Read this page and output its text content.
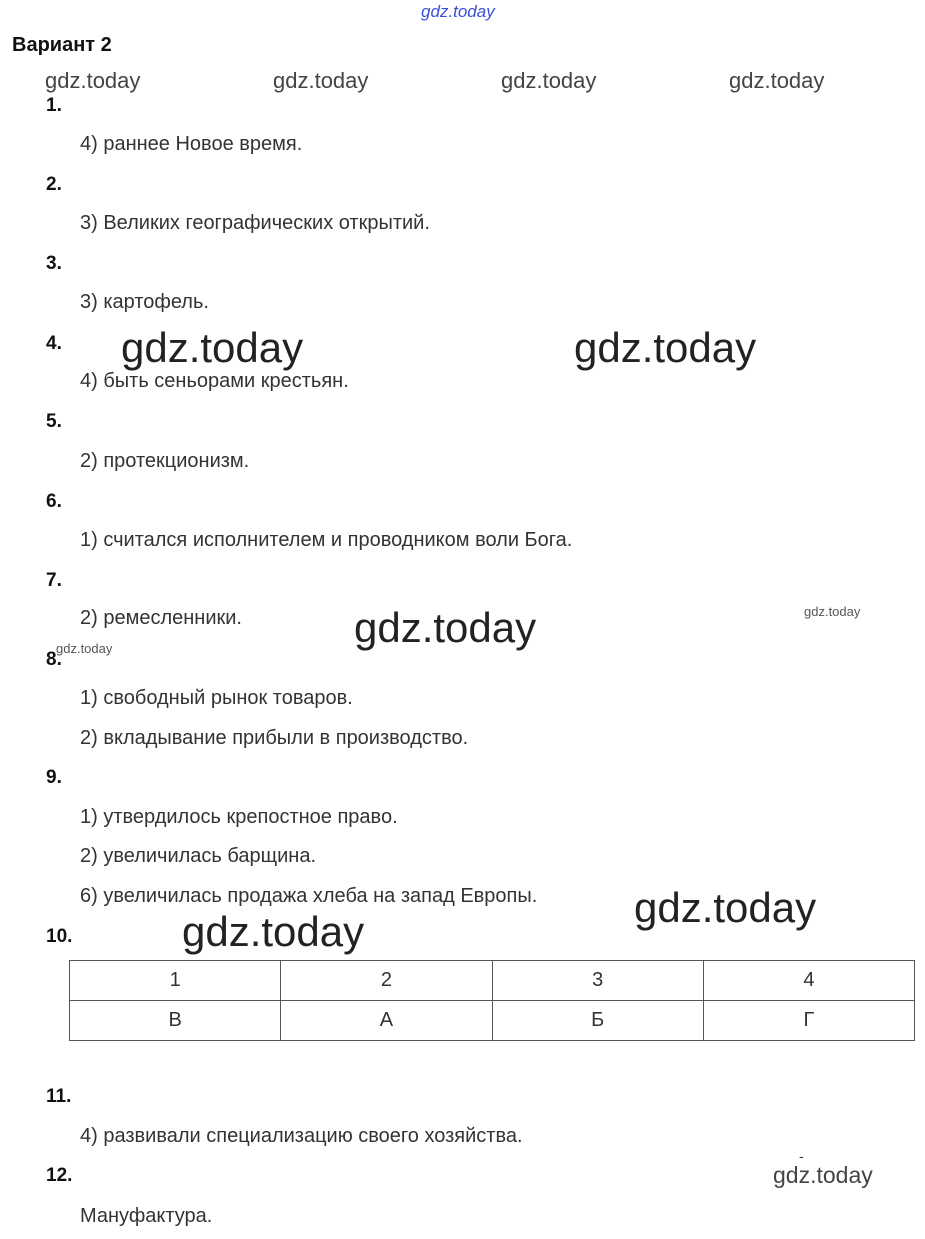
gdz.today
gdz.today	gdz.today	gdz.today	gdz.today
gdz.today	gdz.today
gdz.today	gdz.today
gdz.today
gdz.today
gdz.today
gdz.today
-
Вариант 2
1.
4) раннее Новое время.
2.
3) Великих географических открытий.
3.
3) картофель.
4.
4) быть сеньорами крестьян.
5.
2) протекционизм.
6.
1) считался исполнителем и проводником воли Бога.
7.
2) ремесленники.
8.
1) свободный рынок товаров.
2) вкладывание прибыли в производство.
9.
1) утвердилось крепостное право.
2) увеличилась барщина.
6) увеличилась продажа хлеба на запад Европы.
10.
1	2	3	4
В	А	Б	Г
11.
4) развивали специализацию своего хозяйства.
12.
Мануфактура.
